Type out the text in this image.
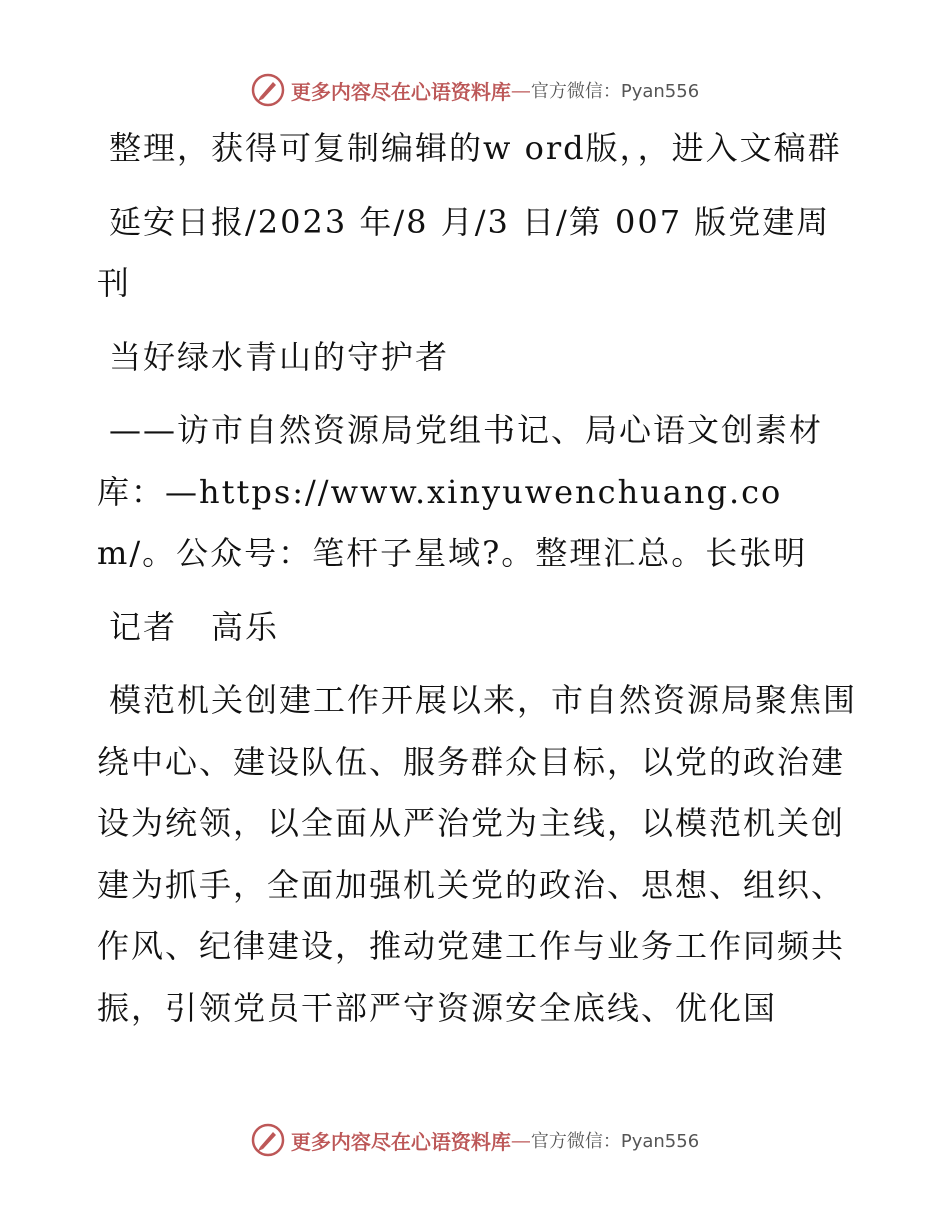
更多内容尽在心语资料库 — 官方微信：Pyan556

整理，获得可复制编辑的w ord版，，进入文稿群

延安日报/2023 年/8 月/3 日/第 007 版党建周刊

当好绿水青山的守护者

——访市自然资源局党组书记、局心语文创素材库：—https://www.xinyuwenchuang.com/。公众号：笔杆子星域?。整理汇总。长张明

记者　高乐

模范机关创建工作开展以来，市自然资源局聚焦围绕中心、建设队伍、服务群众目标，以党的政治建设为统领，以全面从严治党为主线，以模范机关创建为抓手，全面加强机关党的政治、思想、组织、作风、纪律建设，推动党建工作与业务工作同频共振，引领党员干部严守资源安全底线、优化国

更多内容尽在心语资料库 — 官方微信：Pyan556
